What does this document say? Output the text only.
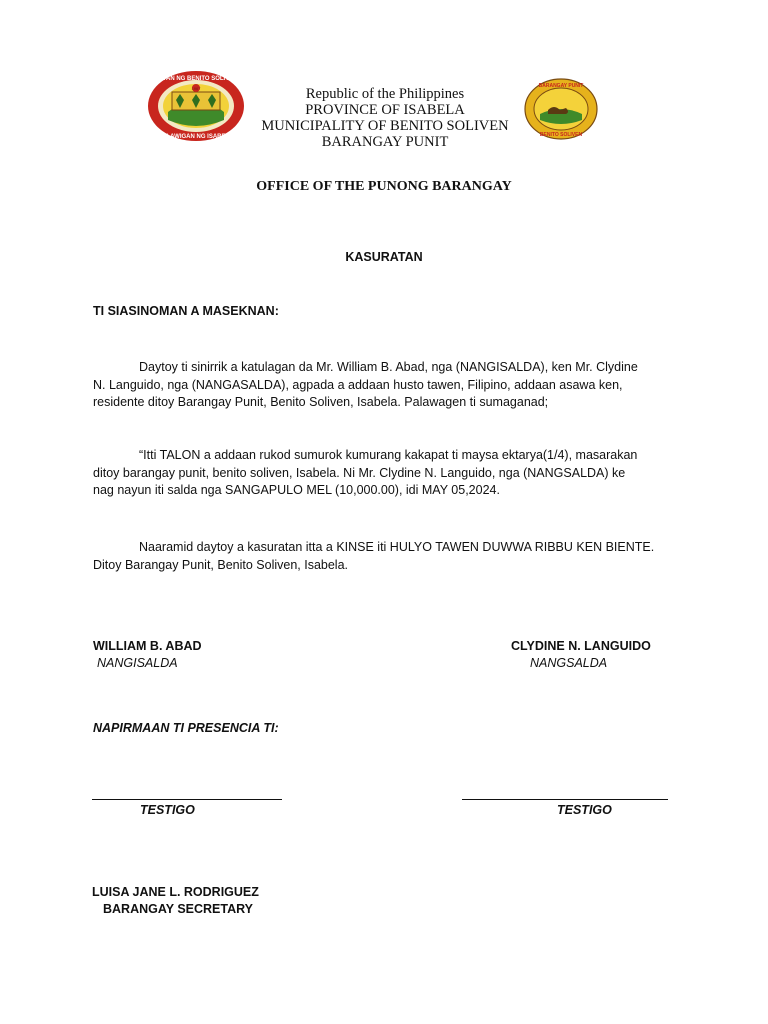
BAYAN NG BENITO SOLIVEN
LALAWIGAN NG ISABELA
1967	Republic of the Philippines
PROVINCE OF ISABELA
MUNICIPALITY OF BENITO SOLIVEN
BARANGAY PUNIT
BARANGAY PUNIT
BENITO SOLIVEN
OFFICE OF THE PUNONG BARANGAY
KASURATAN
TI SIASINOMAN A MASEKNAN:
Daytoy ti sinirrik a katulagan da Mr. William B. Abad, nga (NANGISALDA), ken Mr. Clydine
N. Languido, nga (NANGASALDA), agpada a addaan husto tawen, Filipino, addaan asawa ken,
residente ditoy Barangay Punit, Benito Soliven, Isabela. Palawagen ti sumaganad;
“Itti TALON a addaan rukod sumurok kumurang kakapat ti maysa ektarya(1/4), masarakan
ditoy barangay punit, benito soliven, Isabela. Ni Mr. Clydine N. Languido, nga (NANGSALDA) ke
nag nayun iti salda nga SANGAPULO MEL (10,000.00), idi MAY 05,2024.
Naaramid daytoy a kasuratan itta a KINSE iti HULYO TAWEN DUWWA RIBBU KEN BIENTE.
Ditoy Barangay Punit, Benito Soliven, Isabela.
WILLIAM B. ABAD
NANGISALDA
CLYDINE N. LANGUIDO
NANGSALDA
NAPIRMAAN TI PRESENCIA TI:
TESTIGO	TESTIGO
LUISA JANE L. RODRIGUEZ
BARANGAY SECRETARY
